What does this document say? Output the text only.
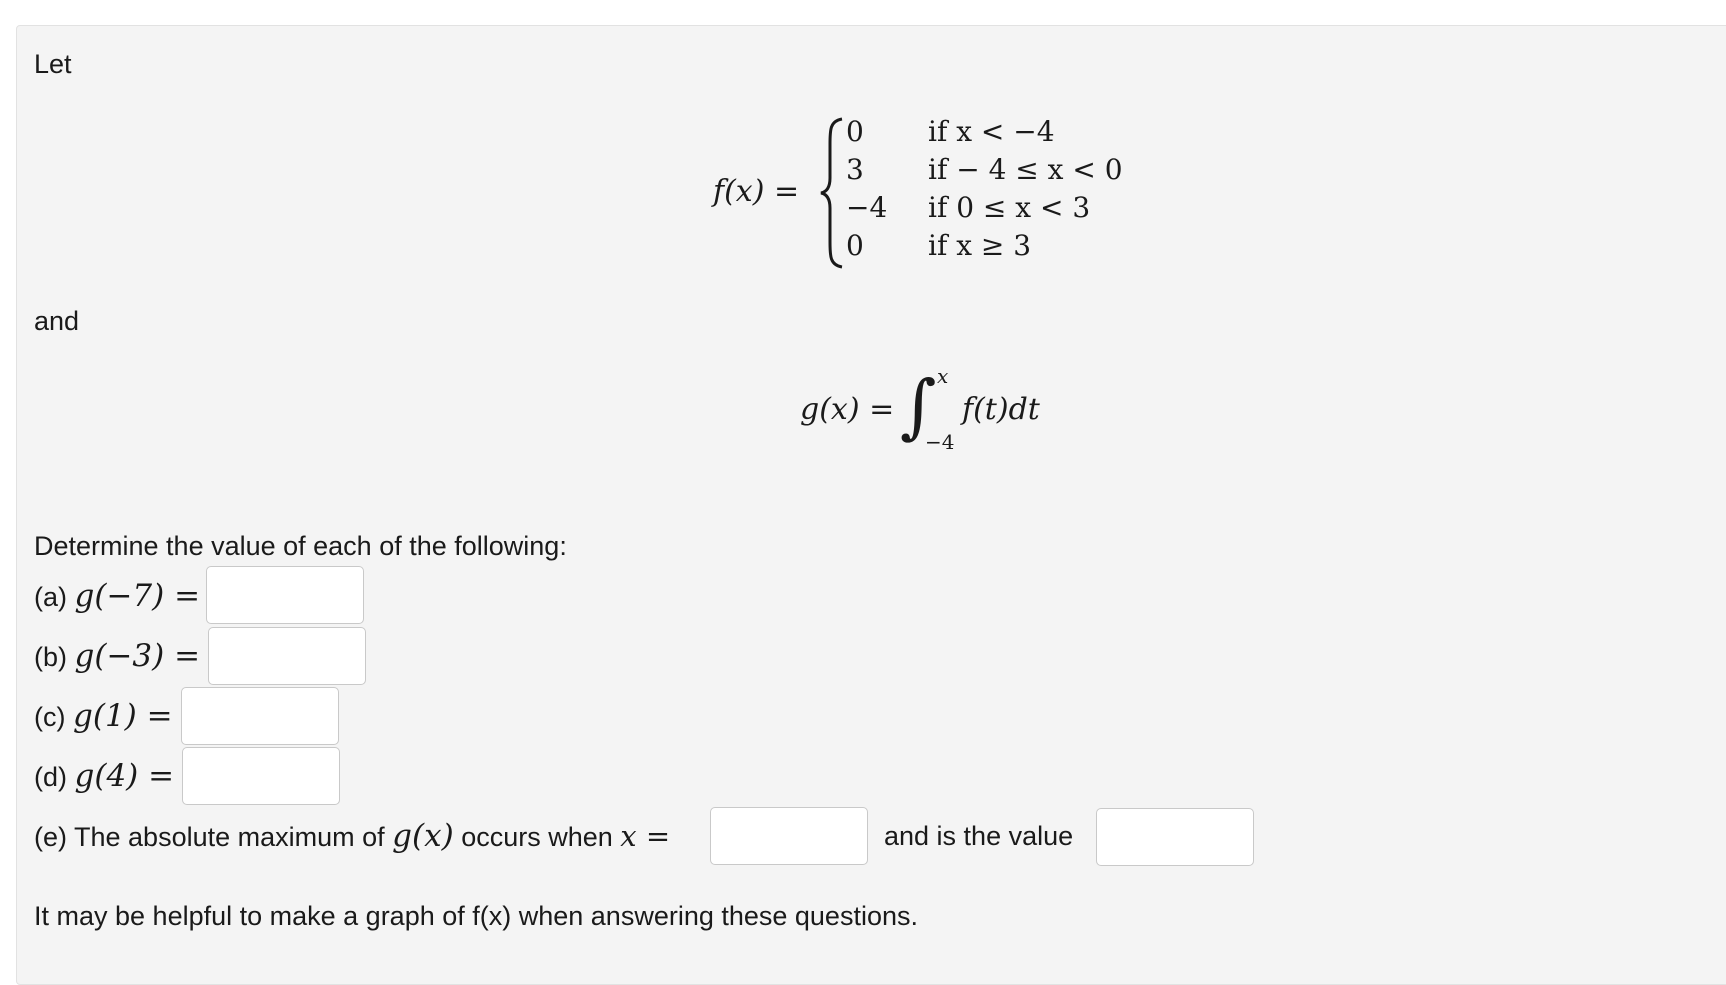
Let
f(x) =
0
3
−4
0
if x < −4
if − 4 ≤ x < 0
if 0 ≤ x < 3
if x ≥ 3
and
g(x) = ∫ x
−4
f(t)dt
Determine the value of each of the following:
(a) g(−7) =
(b) g(−3) =
(c) g(1) =
(d) g(4) =
(e) The absolute maximum of g(x) occurs when x =	and is the value
It may be helpful to make a graph of f(x) when answering these questions.
